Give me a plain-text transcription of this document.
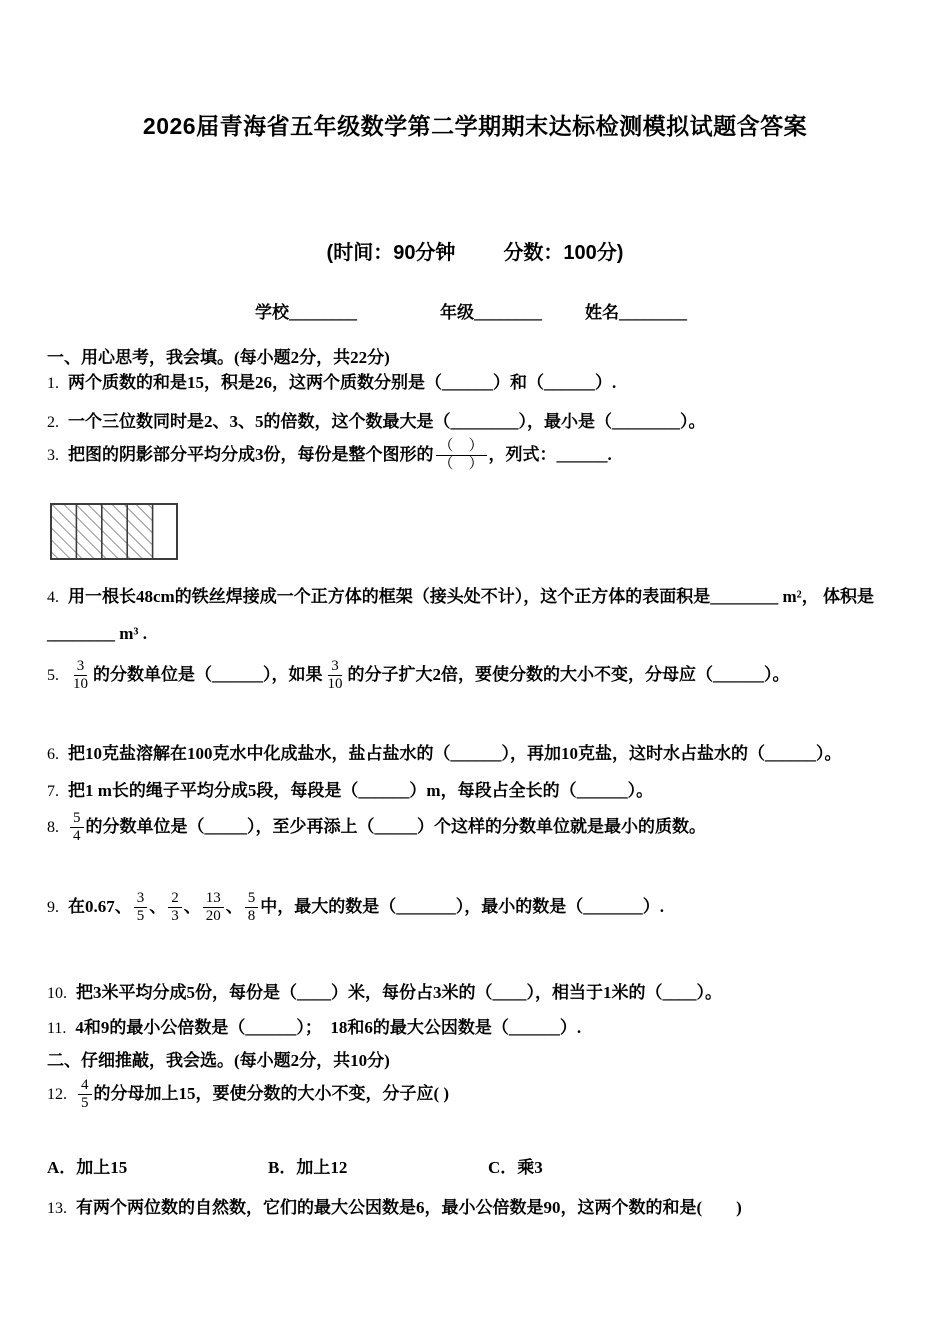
2026届青海省五年级数学第二学期期末达标检测模拟试题含答案
(时间：90分钟 分数：100分)
学校________	年级________	姓名________
一、用心思考，我会填。(每小题2分，共22分)
1. 两个质数的和是15，积是26，这两个质数分别是（______）和（______）.
2. 一个三位数同时是2、3、5的倍数，这个数最大是（________），最小是（________）。
3. 把图的阴影部分平均分成3份，每份是整个图形的 $\frac{( )}{( )}$ ，列式：______.
4. 用一根长48cm的铁丝焊接成一个正方体的框架（接头处不计），这个正方体的表面积是________ m²， 体积是________ m³ .
5. $\frac{3}{10}$ 的分数单位是（______），如果 $\frac{3}{10}$ 的分子扩大2倍，要使分数的大小不变，分母应（______）。
6. 把10克盐溶解在100克水中化成盐水，盐占盐水的（______），再加10克盐，这时水占盐水的（______）。
7. 把1 m长的绳子平均分成5段，每段是（______）m，每段占全长的（______）。
8. $\frac{5}{4}$ 的分数单位是（_____），至少再添上（_____）个这样的分数单位就是最小的质数。
9. 在0.67、 $\frac{3}{5}$ 、 $\frac{2}{3}$ 、 $\frac{13}{20}$ 、 $\frac{5}{8}$ 中，最大的数是（_______），最小的数是（_______）.
10. 把3米平均分成5份，每份是（____）米，每份占3米的（____），相当于1米的（____）。
11. 4和9的最小公倍数是（______）；　18和6的最大公因数是（______）.
二、仔细推敲，我会选。(每小题2分，共10分)
12. $\frac{4}{5}$ 的分母加上15，要使分数的大小不变，分子应( )
A．加上15	B．加上12	C．乘3
13. 有两个两位数的自然数，它们的最大公因数是6，最小公倍数是90，这两个数的和是(　　)
